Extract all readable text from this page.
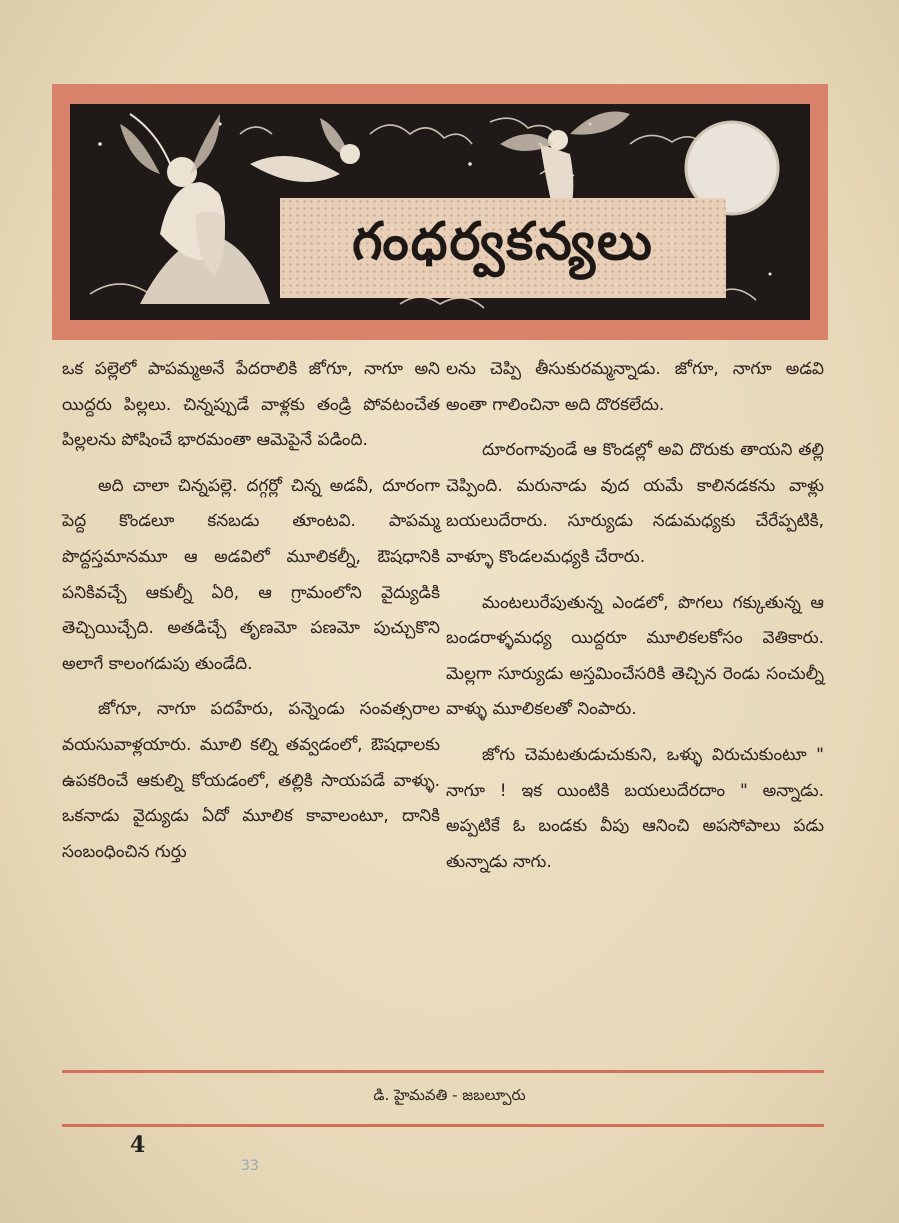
గంధర్వకన్యలు

ఒక పల్లెలో పాపమ్మఅనే పేదరాలికి జోగూ, నాగూ అని యిద్దరు పిల్లలు. చిన్నప్పుడే వాళ్లకు తండ్రి పోవటంచేత పిల్లలను పోషించే భారమంతా ఆమెపైనే పడింది.

అది చాలా చిన్నపల్లె. దగ్గర్లో చిన్న అడవీ, దూరంగా పెద్ద కొండలూ కనబడు తూంటవి. పాపమ్మ పొద్దస్తమానమూ ఆ అడవిలో మూలికల్నీ, ఔషధానికి పనికివచ్చే ఆకుల్నీ ఏరి, ఆ గ్రామంలోని వైద్యుడికి తెచ్చియిచ్చేది. అతడిచ్చే తృణమో పణమో పుచ్చుకొని అలాగే కాలంగడుపు తుండేది.

జోగూ, నాగూ పదహేరు, పన్నెండు సంవత్సరాల వయసువాళ్లయారు. మూలి కల్ని తవ్వడంలో, ఔషధాలకు ఉపకరించే ఆకుల్ని కోయడంలో, తల్లికి సాయపడే వాళ్ళు. ఒకనాడు వైద్యుడు ఏదో మూలిక కావాలంటూ, దానికి సంబంధించిన గుర్తు

లను చెప్పి తీసుకురమ్మన్నాడు. జోగూ, నాగూ అడవి అంతా గాలించినా అది దొరకలేదు.

దూరంగావుండే ఆ కొండల్లో అవి దొరుకు తాయని తల్లి చెప్పింది. మరునాడు వుద యమే కాలినడకను వాళ్లు బయలుదేరారు. సూర్యుడు నడుమధ్యకు చేరేప్పటికి, వాళ్ళూ కొండలమధ్యకి చేరారు.

మంటలురేపుతున్న ఎండలో, పొగలు గక్కుతున్న ఆ బండరాళ్ళమధ్య యిద్దరూ మూలికలకోసం వెతికారు. మెల్లగా సూర్యుడు అస్తమించేసరికి తెచ్చిన రెండు సంచుల్నీ వాళ్ళు మూలికలతో నింపారు.

జోగు చెమటతుడుచుకుని, ఒళ్ళు విరుచుకుంటూ " నాగూ ! ఇక యింటికి బయలుదేరదాం " అన్నాడు. అప్పటికే ఓ బండకు వీపు ఆనించి అపసోపాలు పడు తున్నాడు నాగు.

డి. హైమవతి - జబల్పూరు
4
33
